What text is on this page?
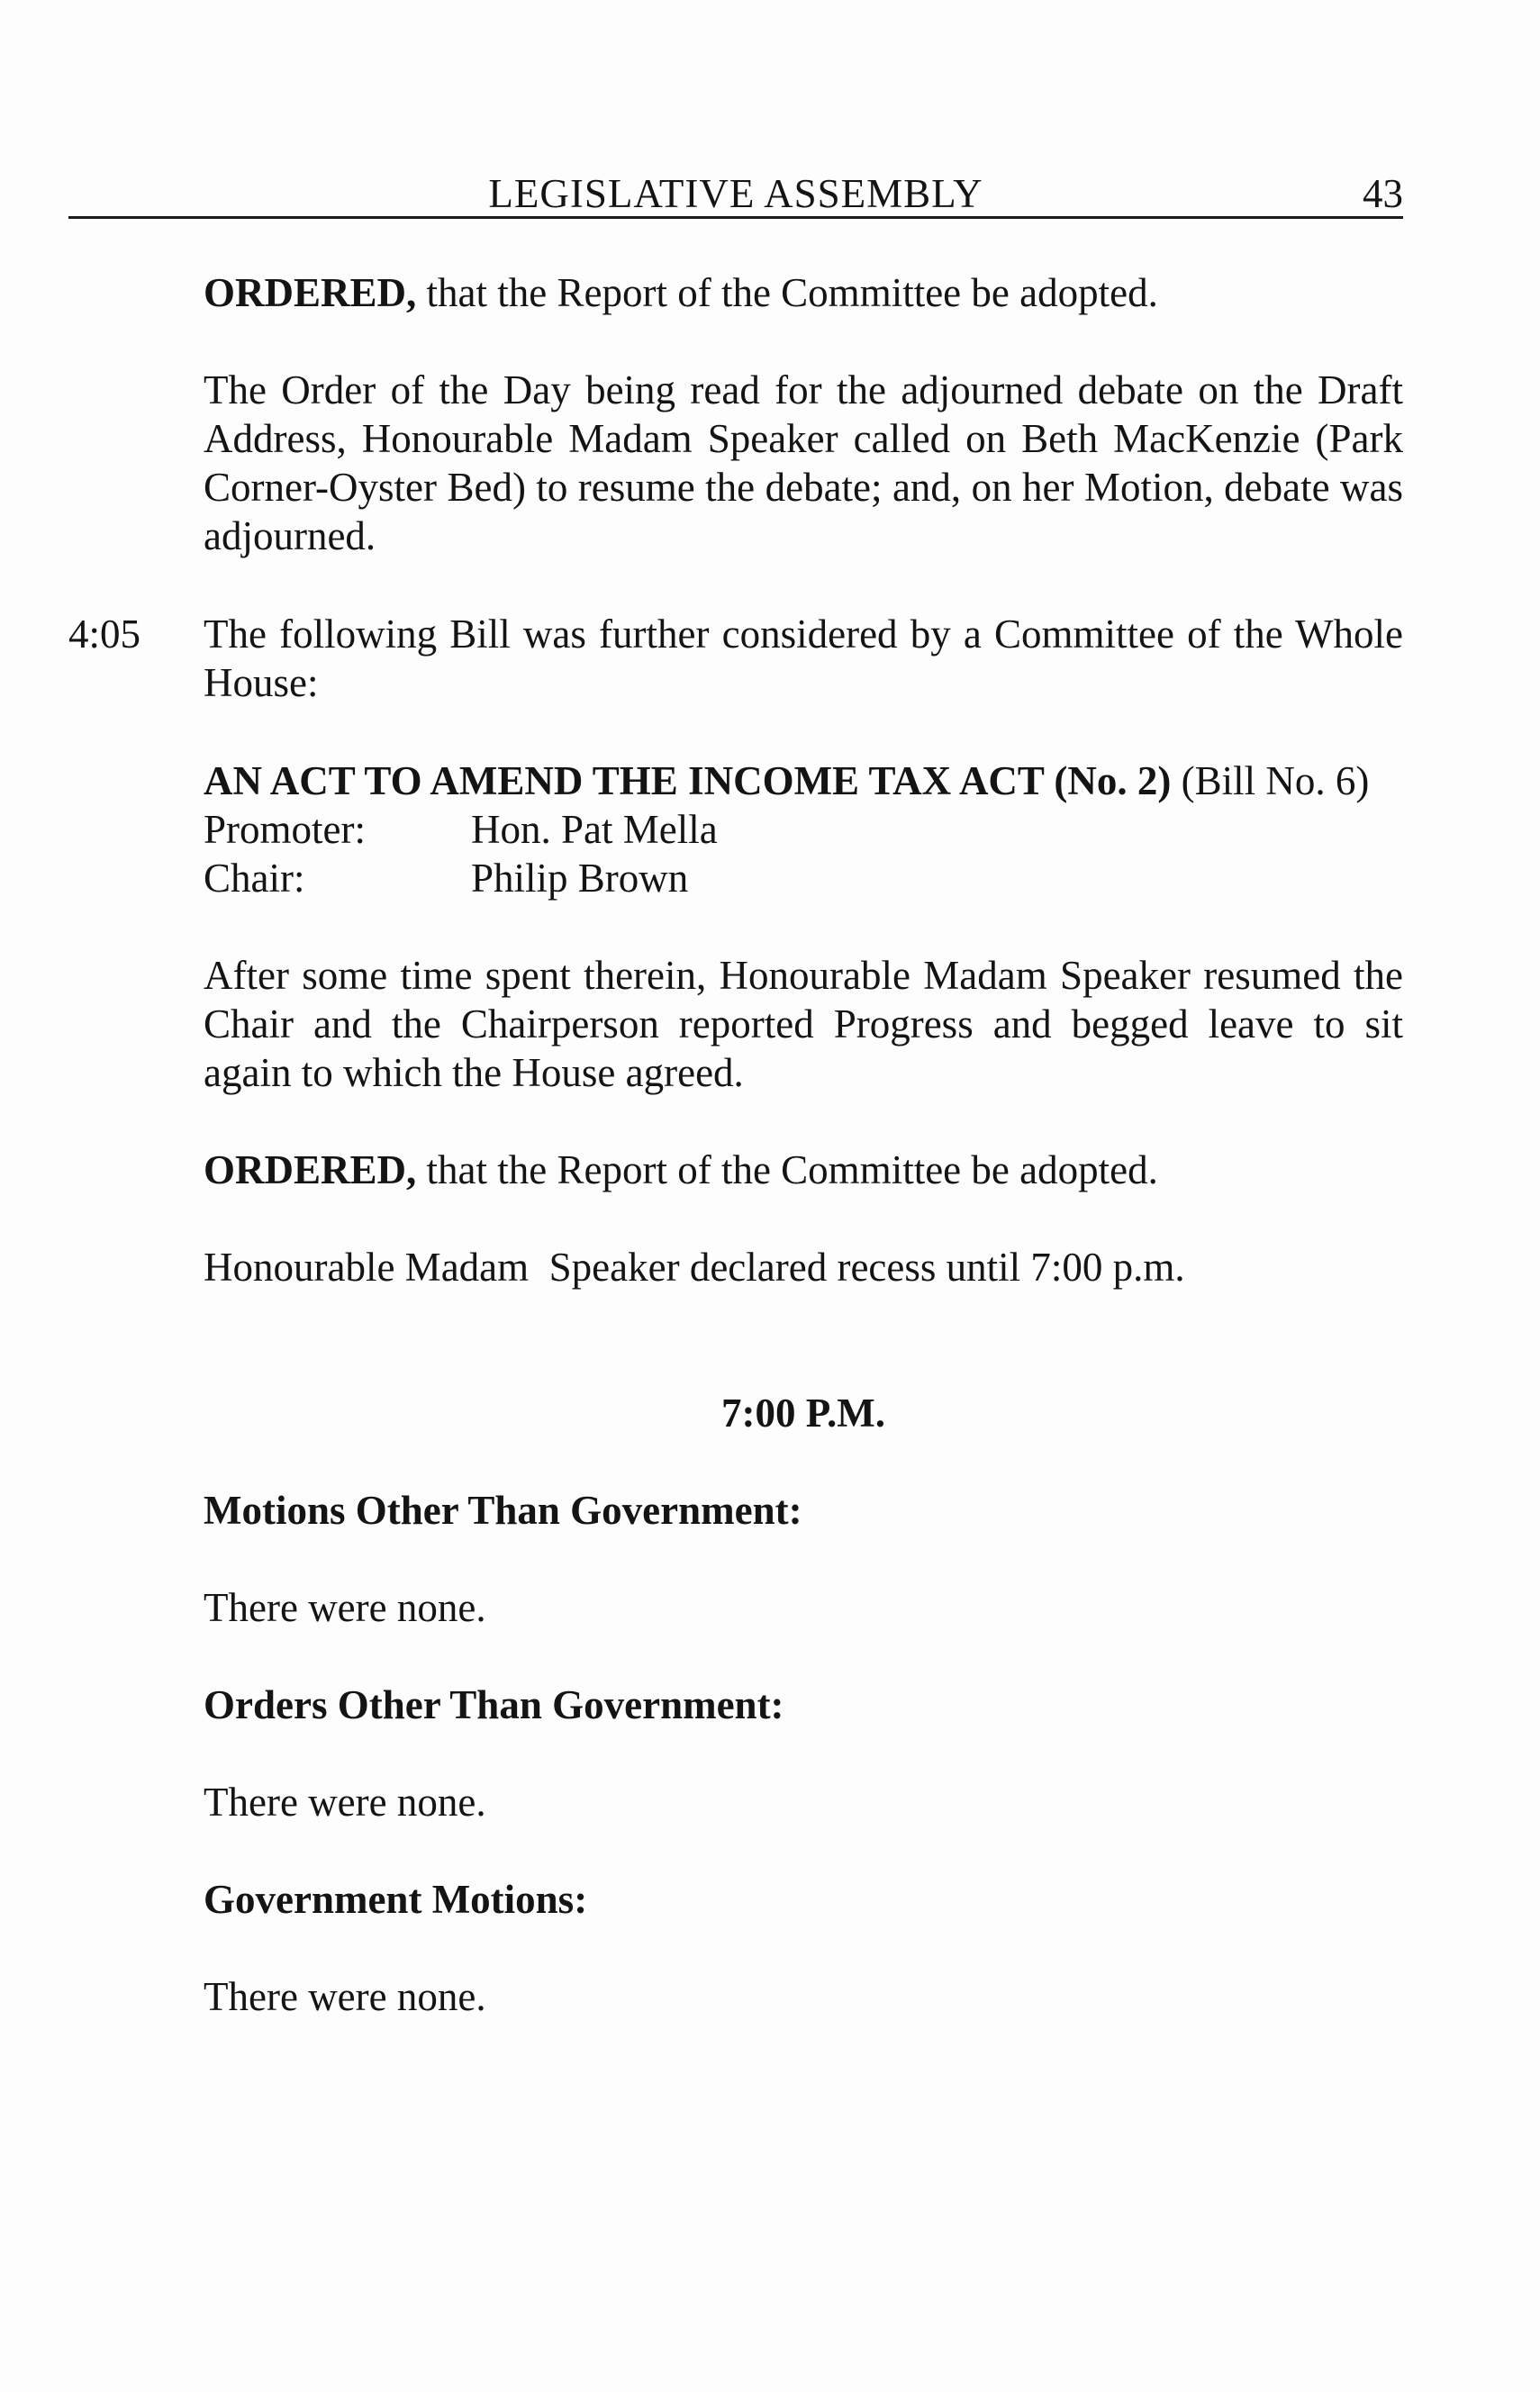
LEGISLATIVE ASSEMBLY	43

ORDERED, that the Report of the Committee be adopted.

The Order of the Day being read for the adjourned debate on the Draft Address, Honourable Madam Speaker called on Beth MacKenzie (Park Corner-Oyster Bed) to resume the debate; and, on her Motion, debate was adjourned.

4:05 The following Bill was further considered by a Committee of the Whole House:

AN ACT TO AMEND THE INCOME TAX ACT (No. 2) (Bill No. 6)

Promoter:	Hon. Pat Mella
Chair:	Philip Brown

After some time spent therein, Honourable Madam Speaker resumed the Chair and the Chairperson reported Progress and begged leave to sit again to which the House agreed.

ORDERED, that the Report of the Committee be adopted.

Honourable Madam  Speaker declared recess until 7:00 p.m.

7:00 P.M.
Motions Other Than Government:

There were none.

Orders Other Than Government:

There were none.

Government Motions:

There were none.
